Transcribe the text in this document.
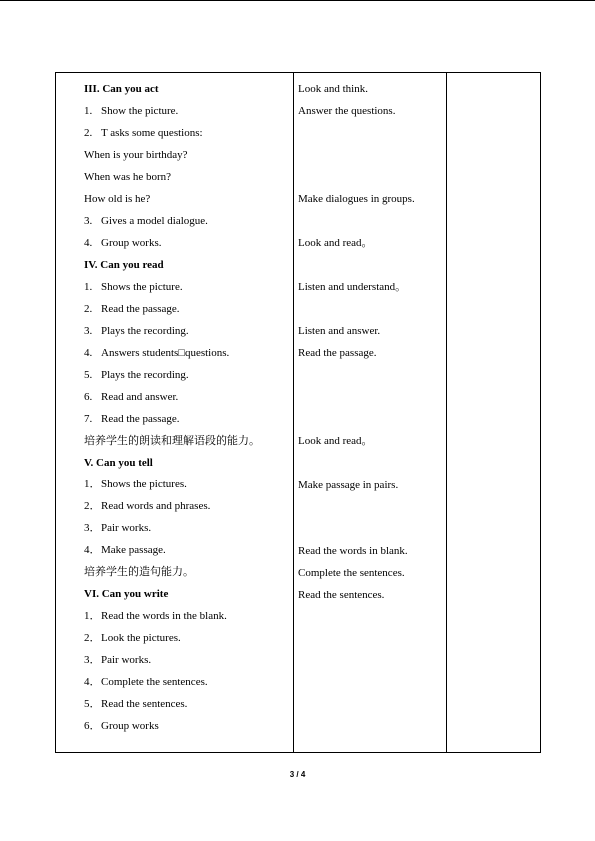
III. Can you act
1. Show the picture.
2. T asks some questions:
When is your birthday?
When was he born?
How old is he?
3. Gives a model dialogue.
4. Group works.
IV. Can you read
1. Shows the picture.
2. Read the passage.
3. Plays the recording.
4. Answers students□questions.
5. Plays the recording.
6. Read and answer.
7. Read the passage.
培养学生的朗读和理解语段的能力。
V. Can you tell
1．Shows the pictures.
2．Read words and phrases.
3．Pair works.
4．Make passage.
培养学生的造句能力。
VI. Can you write
1．Read the words in the blank.
2．Look the pictures.
3．Pair works.
4．Complete the sentences.
5．Read the sentences.
6．Group works
Look and think.
Answer the questions.
Make dialogues in groups.
Look and read。
Listen and understand。
Listen and answer.
Read the passage.
Look and read。
Make passage in pairs.
Read the words in blank.
Complete the sentences.
Read the sentences.
3 / 4
